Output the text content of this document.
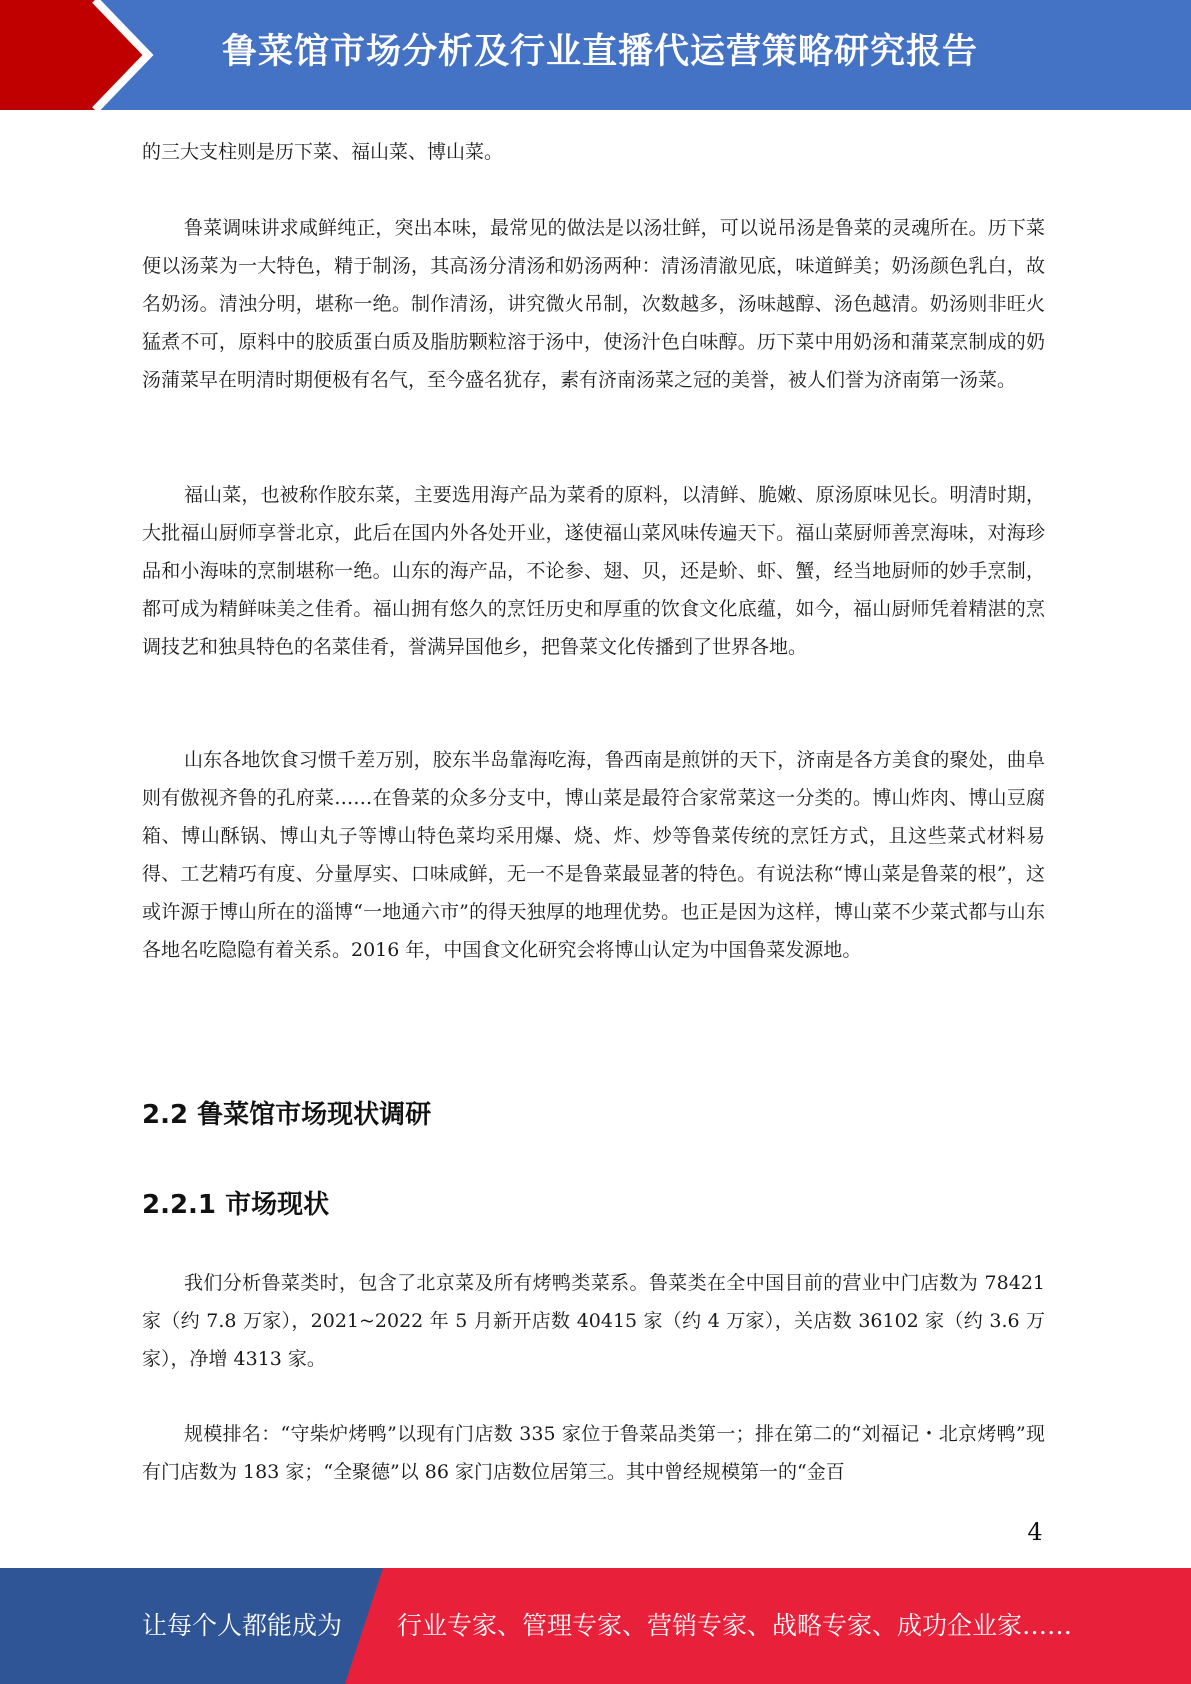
鲁菜馆市场分析及行业直播代运营策略研究报告

的三大支柱则是历下菜、福山菜、博山菜。

鲁菜调味讲求咸鲜纯正，突出本味，最常见的做法是以汤壮鲜，可以说吊汤是鲁菜的灵魂所在。历下菜便以汤菜为一大特色，精于制汤，其高汤分清汤和奶汤两种：清汤清澈见底，味道鲜美；奶汤颜色乳白，故名奶汤。清浊分明，堪称一绝。制作清汤，讲究微火吊制，次数越多，汤味越醇、汤色越清。奶汤则非旺火猛煮不可，原料中的胶质蛋白质及脂肪颗粒溶于汤中，使汤汁色白味醇。历下菜中用奶汤和蒲菜烹制成的奶汤蒲菜早在明清时期便极有名气，至今盛名犹存，素有济南汤菜之冠的美誉，被人们誉为济南第一汤菜。

福山菜，也被称作胶东菜，主要选用海产品为菜肴的原料，以清鲜、脆嫩、原汤原味见长。明清时期，大批福山厨师享誉北京，此后在国内外各处开业，遂使福山菜风味传遍天下。福山菜厨师善烹海味，对海珍品和小海味的烹制堪称一绝。山东的海产品，不论参、翅、贝，还是蚧、虾、蟹，经当地厨师的妙手烹制，都可成为精鲜味美之佳肴。福山拥有悠久的烹饪历史和厚重的饮食文化底蕴，如今，福山厨师凭着精湛的烹调技艺和独具特色的名菜佳肴，誉满异国他乡，把鲁菜文化传播到了世界各地。

山东各地饮食习惯千差万别，胶东半岛靠海吃海，鲁西南是煎饼的天下，济南是各方美食的聚处，曲阜则有傲视齐鲁的孔府菜……在鲁菜的众多分支中，博山菜是最符合家常菜这一分类的。博山炸肉、博山豆腐箱、博山酥锅、博山丸子等博山特色菜均采用爆、烧、炸、炒等鲁菜传统的烹饪方式，且这些菜式材料易得、工艺精巧有度、分量厚实、口味咸鲜，无一不是鲁菜最显著的特色。有说法称“博山菜是鲁菜的根”，这或许源于博山所在的淄博“一地通六市”的得天独厚的地理优势。也正是因为这样，博山菜不少菜式都与山东各地名吃隐隐有着关系。2016 年，中国食文化研究会将博山认定为中国鲁菜发源地。

2.2 鲁菜馆市场现状调研
2.2.1 市场现状

我们分析鲁菜类时，包含了北京菜及所有烤鸭类菜系。鲁菜类在全中国目前的营业中门店数为 78421 家（约 7.8 万家），2021~2022 年 5 月新开店数 40415 家（约 4 万家），关店数 36102 家（约 3.6 万家），净增 4313 家。

规模排名：“守柴炉烤鸭”以现有门店数 335 家位于鲁菜品类第一；排在第二的“刘福记・北京烤鸭”现有门店数为 183 家；“全聚德”以 86 家门店数位居第三。其中曾经规模第一的“金百

4
让每个人都能成为 行业专家、管理专家、营销专家、战略专家、成功企业家……
